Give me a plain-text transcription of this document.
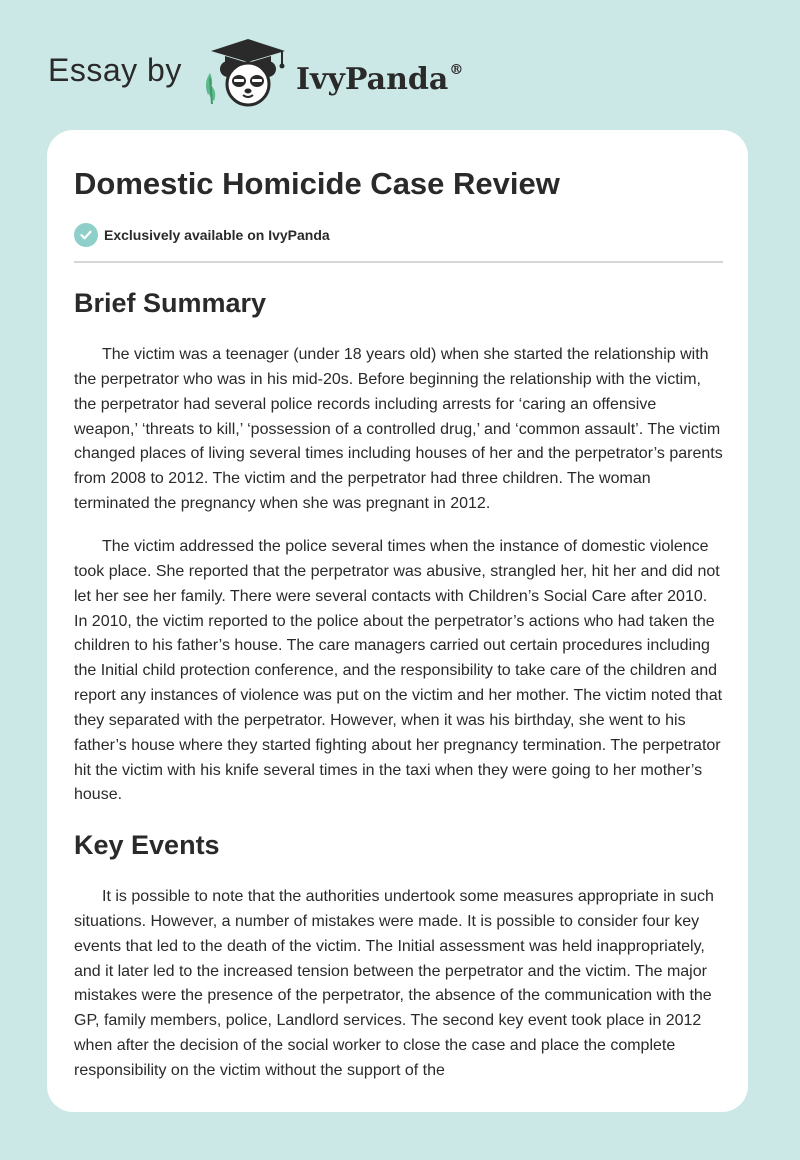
Essay by	IvyPanda®
Domestic Homicide Case Review
Exclusively available on IvyPanda
Brief Summary

The victim was a teenager (under 18 years old) when she started the relationship with the perpetrator who was in his mid-20s. Before beginning the relationship with the victim, the perpetrator had several police records including arrests for ‘caring an offensive weapon,’ ‘threats to kill,’ ‘possession of a controlled drug,’ and ‘common assault’. The victim changed places of living several times including houses of her and the perpetrator’s parents from 2008 to 2012. The victim and the perpetrator had three children. The woman terminated the pregnancy when she was pregnant in 2012.

The victim addressed the police several times when the instance of domestic violence took place. She reported that the perpetrator was abusive, strangled her, hit her and did not let her see her family. There were several contacts with Children’s Social Care after 2010. In 2010, the victim reported to the police about the perpetrator’s actions who had taken the children to his father’s house. The care managers carried out certain procedures including the Initial child protection conference, and the responsibility to take care of the children and report any instances of violence was put on the victim and her mother. The victim noted that they separated with the perpetrator. However, when it was his birthday, she went to his father’s house where they started fighting about her pregnancy termination. The perpetrator hit the victim with his knife several times in the taxi when they were going to her mother’s house.

Key Events

It is possible to note that the authorities undertook some measures appropriate in such situations. However, a number of mistakes were made. It is possible to consider four key events that led to the death of the victim. The Initial assessment was held inappropriately, and it later led to the increased tension between the perpetrator and the victim. The major mistakes were the presence of the perpetrator, the absence of the communication with the GP, family members, police, Landlord services. The second key event took place in 2012 when after the decision of the social worker to close the case and place the complete responsibility on the victim without the support of the
